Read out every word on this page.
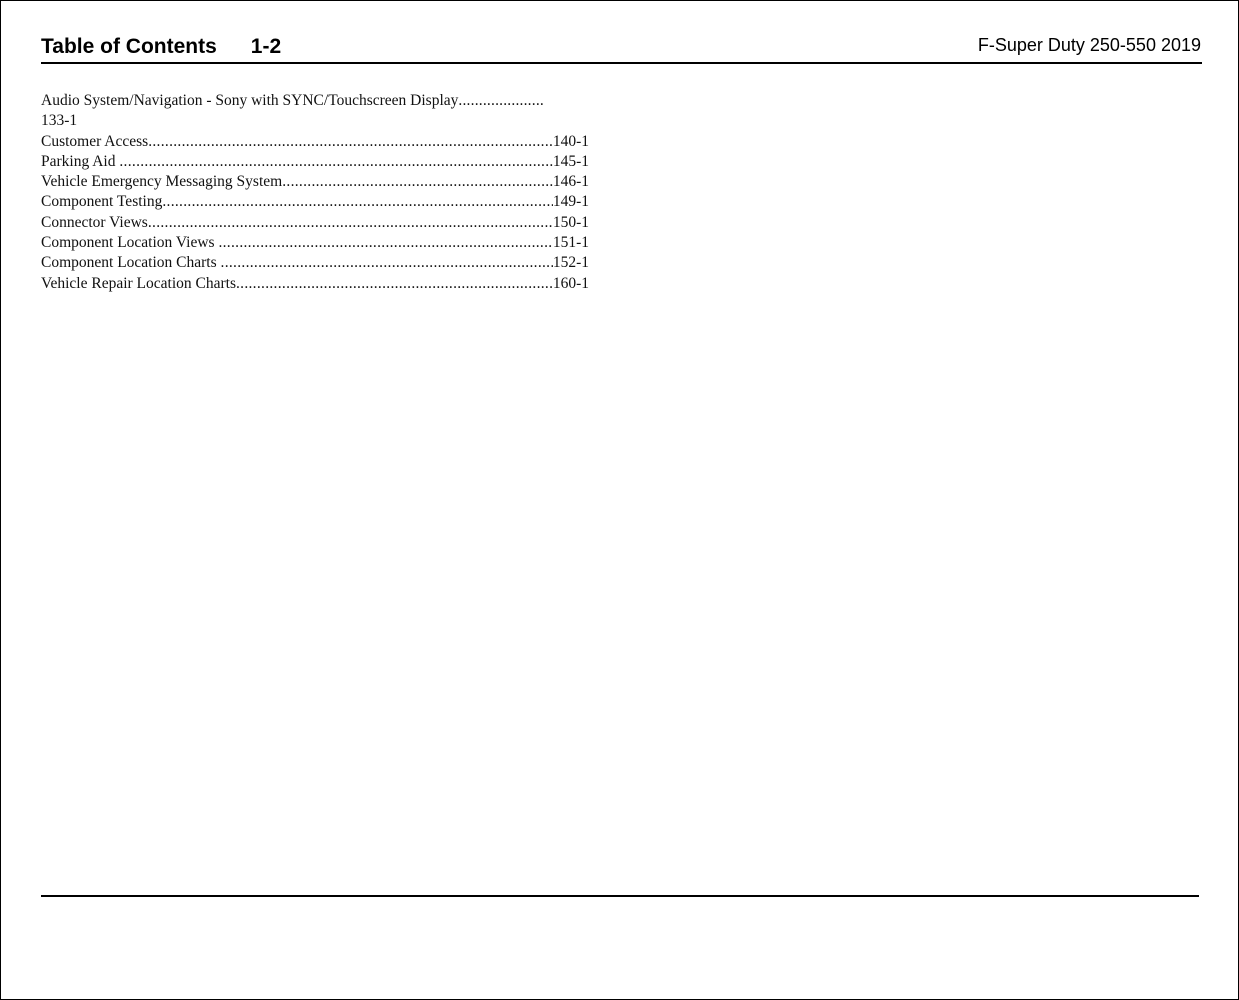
Table of Contents 1-2	F-Super Duty 250-550 2019
Audio System/Navigation - Sony with SYNC/Touchscreen Display.....................
133-1
Customer Access .....	140-1
Parking Aid .....	145-1
Vehicle Emergency Messaging System .....	146-1
Component Testing .....	149-1
Connector Views .....	150-1
Component Location Views .....	151-1
Component Location Charts .....	152-1
Vehicle Repair Location Charts .....	160-1
